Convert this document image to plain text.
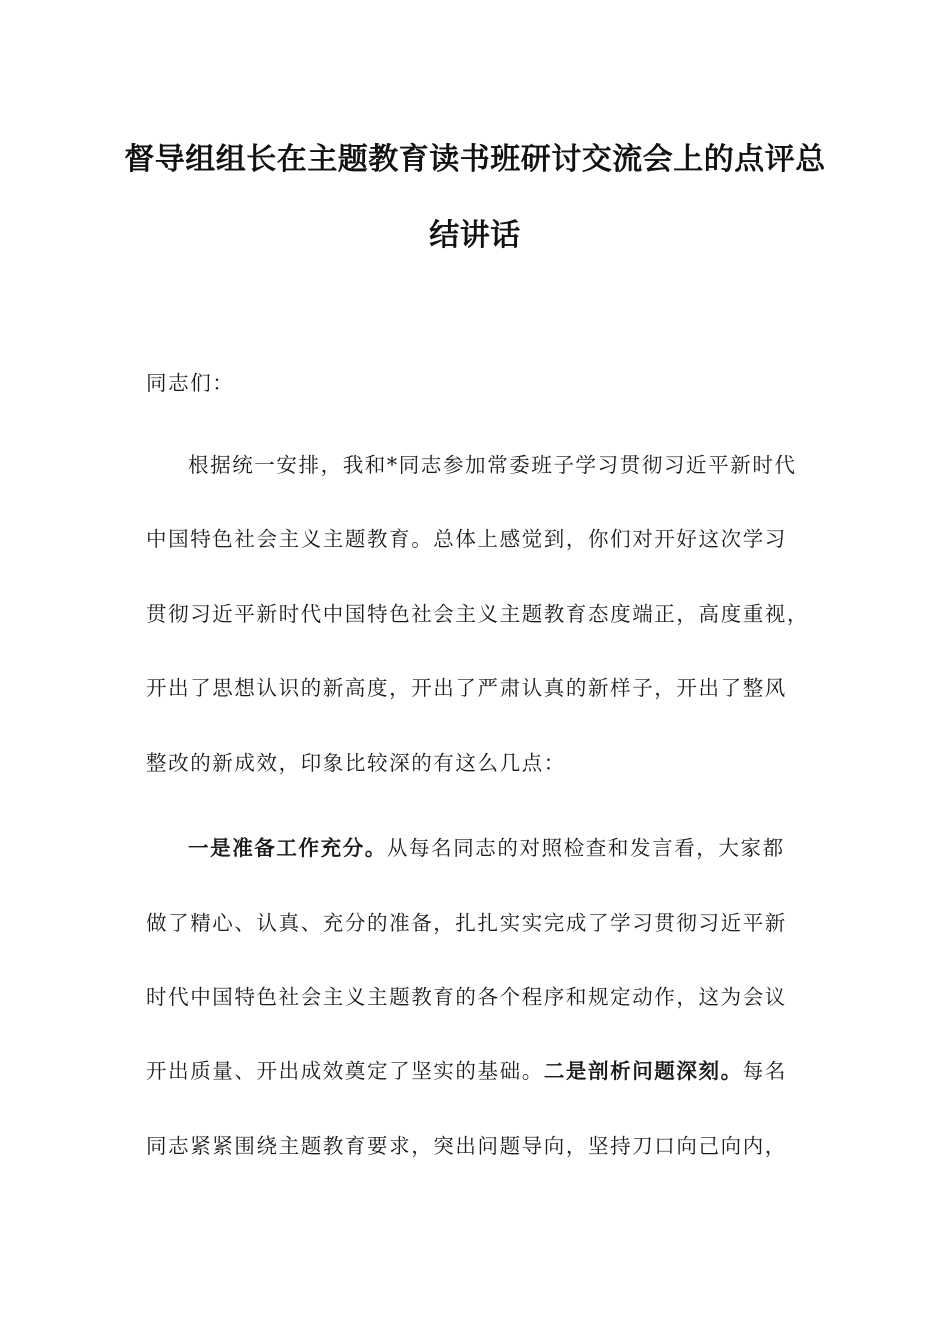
督导组组长在主题教育读书班研讨交流会上的点评总
结讲话
同志们：
根据统一安排，我和*同志参加常委班子学习贯彻习近平新时代
中国特色社会主义主题教育。总体上感觉到，你们对开好这次学习
贯彻习近平新时代中国特色社会主义主题教育态度端正，高度重视，
开出了思想认识的新高度，开出了严肃认真的新样子，开出了整风
整改的新成效，印象比较深的有这么几点：
一是准备工作充分。从每名同志的对照检查和发言看，大家都
做了精心、认真、充分的准备，扎扎实实完成了学习贯彻习近平新
时代中国特色社会主义主题教育的各个程序和规定动作，这为会议
开出质量、开出成效奠定了坚实的基础。二是剖析问题深刻。每名
同志紧紧围绕主题教育要求，突出问题导向，坚持刀口向己向内，
